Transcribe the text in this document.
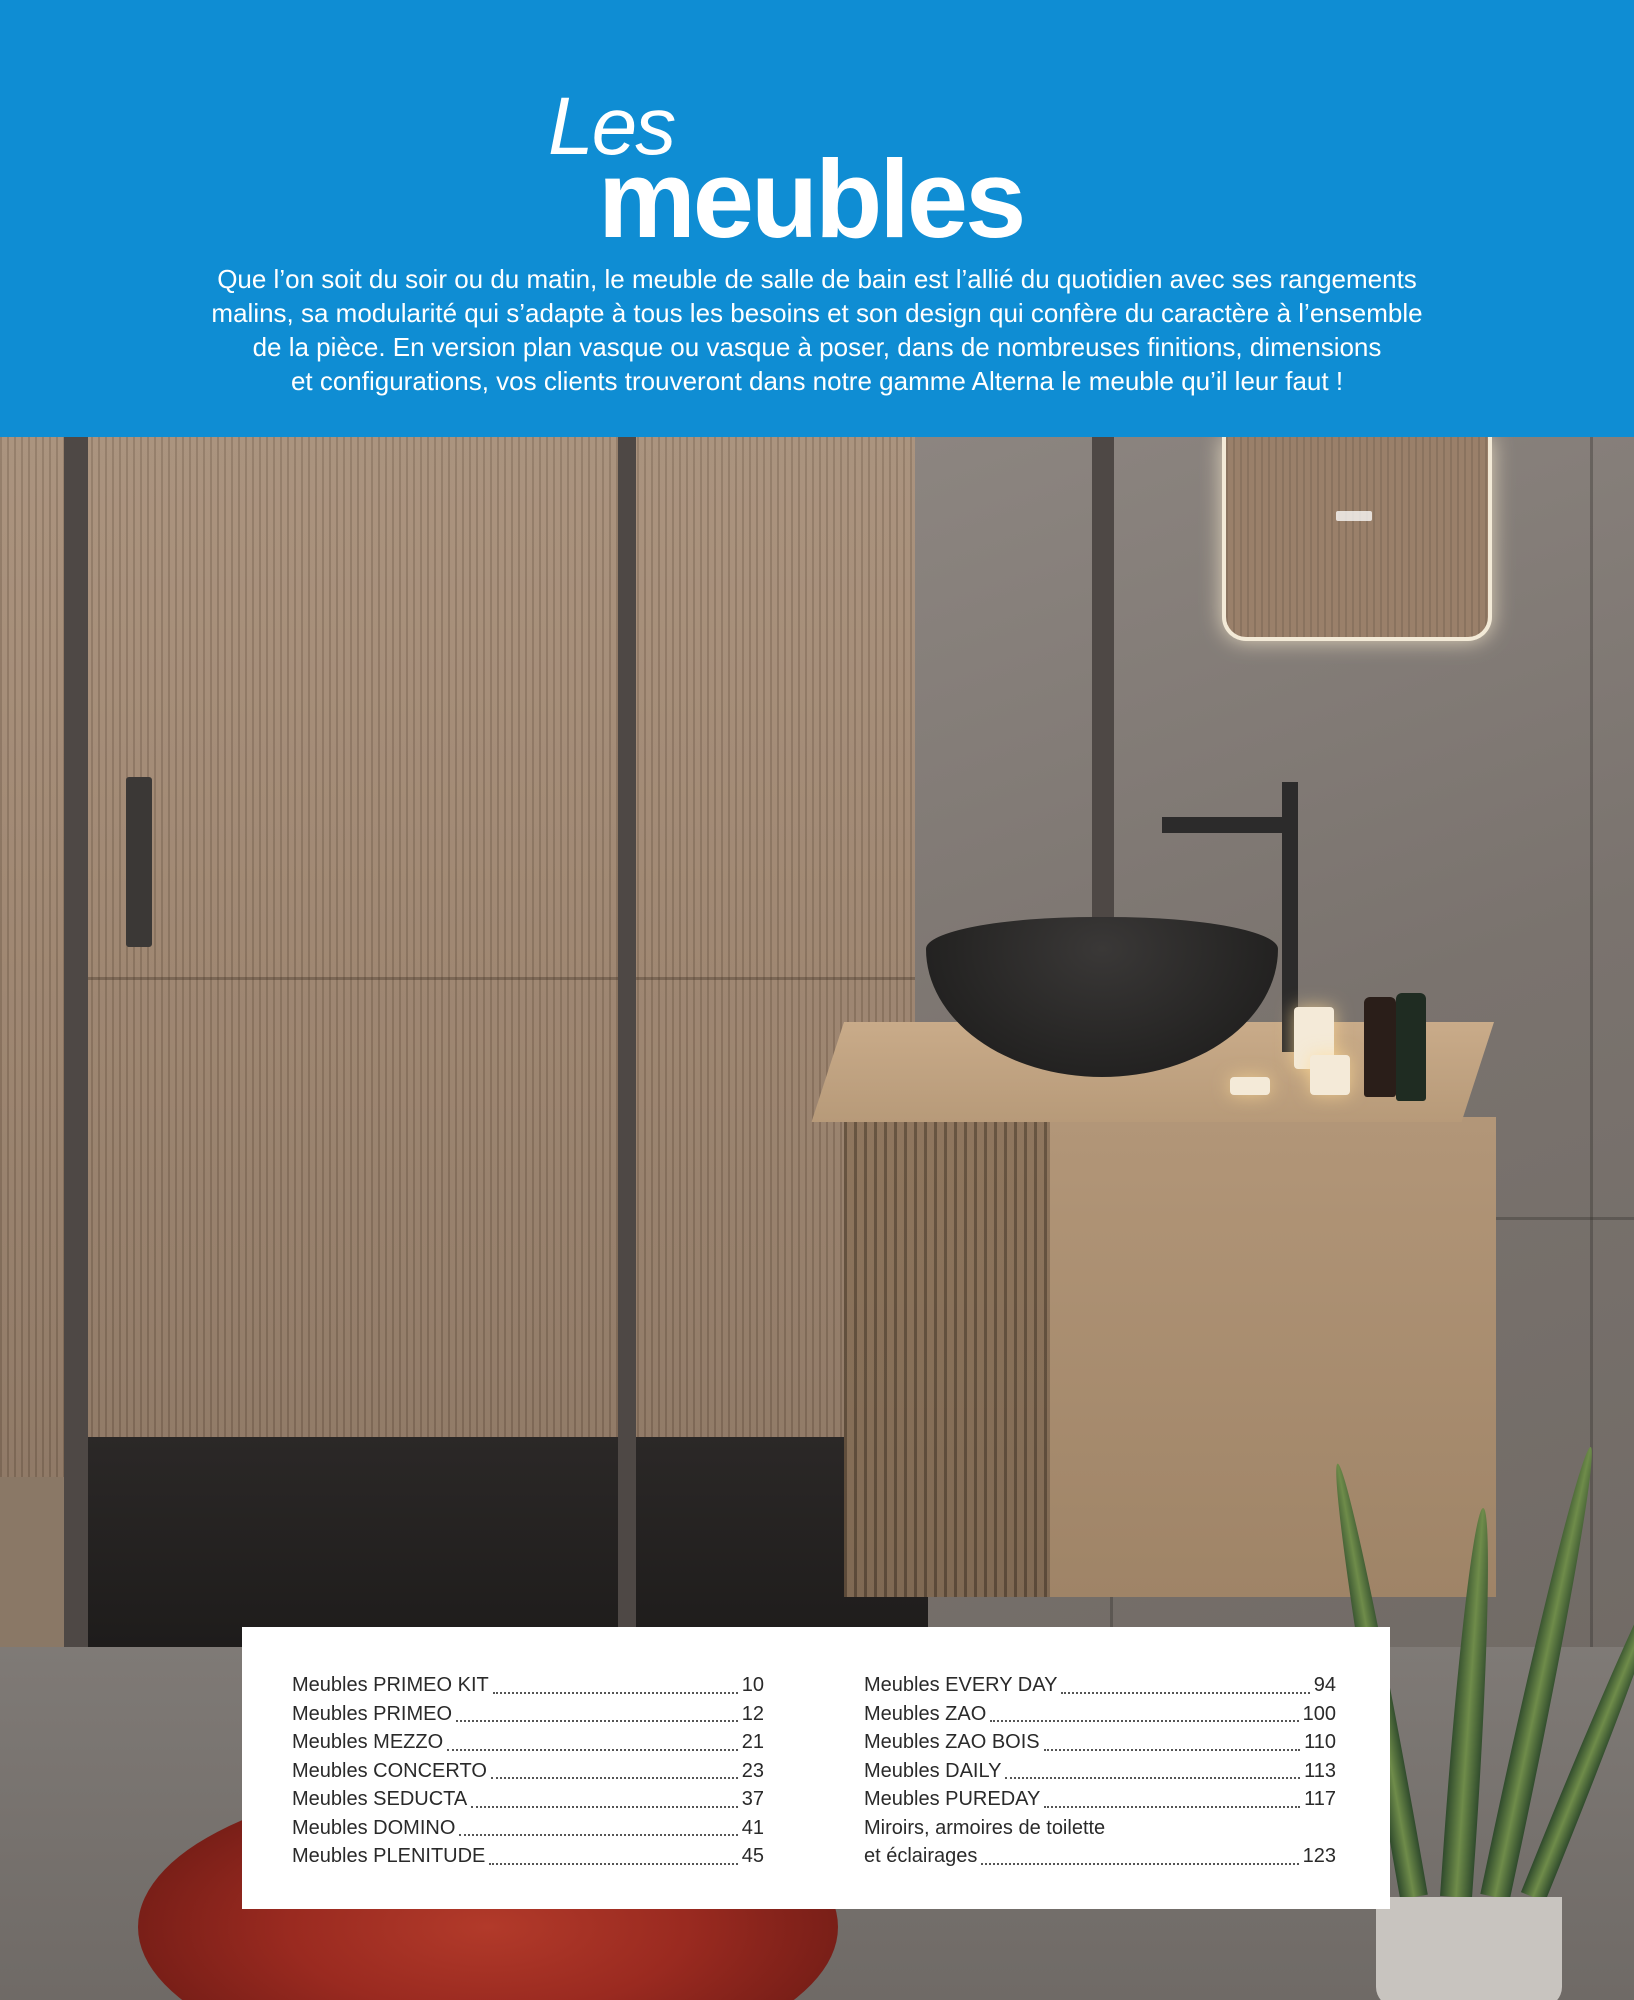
Les
meubles
Que l’on soit du soir ou du matin, le meuble de salle de bain est l’allié du quotidien avec ses rangements
malins, sa modularité qui s’adapte à tous les besoins et son design qui confère du caractère à l’ensemble
de la pièce. En version plan vasque ou vasque à poser, dans de nombreuses finitions, dimensions
et configurations, vos clients trouveront dans notre gamme Alterna le meuble qu’il leur faut !
Meubles PRIMEO KIT	10
Meubles PRIMEO	12
Meubles MEZZO	21
Meubles CONCERTO	23
Meubles SEDUCTA	37
Meubles DOMINO	41
Meubles PLENITUDE	45
Meubles EVERY DAY	94
Meubles ZAO	100
Meubles ZAO BOIS	110
Meubles DAILY	113
Meubles PUREDAY	117
Miroirs, armoires de toilette
et éclairages	123
